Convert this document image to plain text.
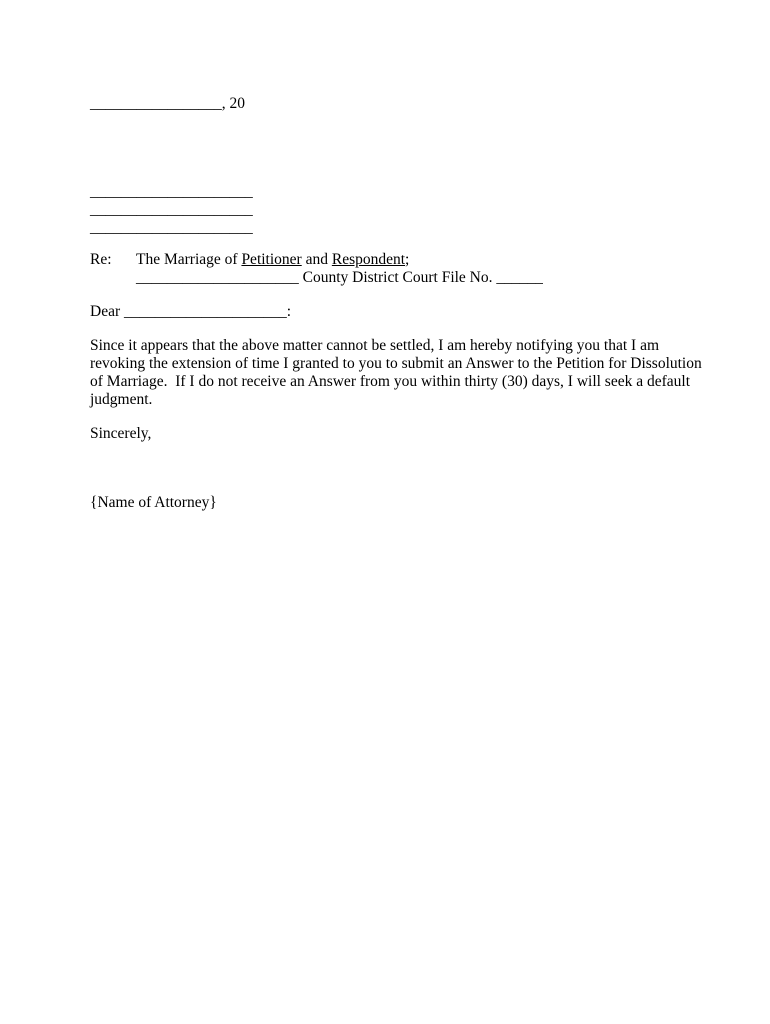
_________________, 20
_____________________
_____________________
_____________________
Re: The Marriage of Petitioner and Respondent;
_____________________ County District Court File No. ______
Dear _____________________:
Since it appears that the above matter cannot be settled, I am hereby notifying you that I am
revoking the extension of time I granted to you to submit an Answer to the Petition for Dissolution
of Marriage.  If I do not receive an Answer from you within thirty (30) days, I will seek a default
judgment.
Sincerely,
{Name of Attorney}
